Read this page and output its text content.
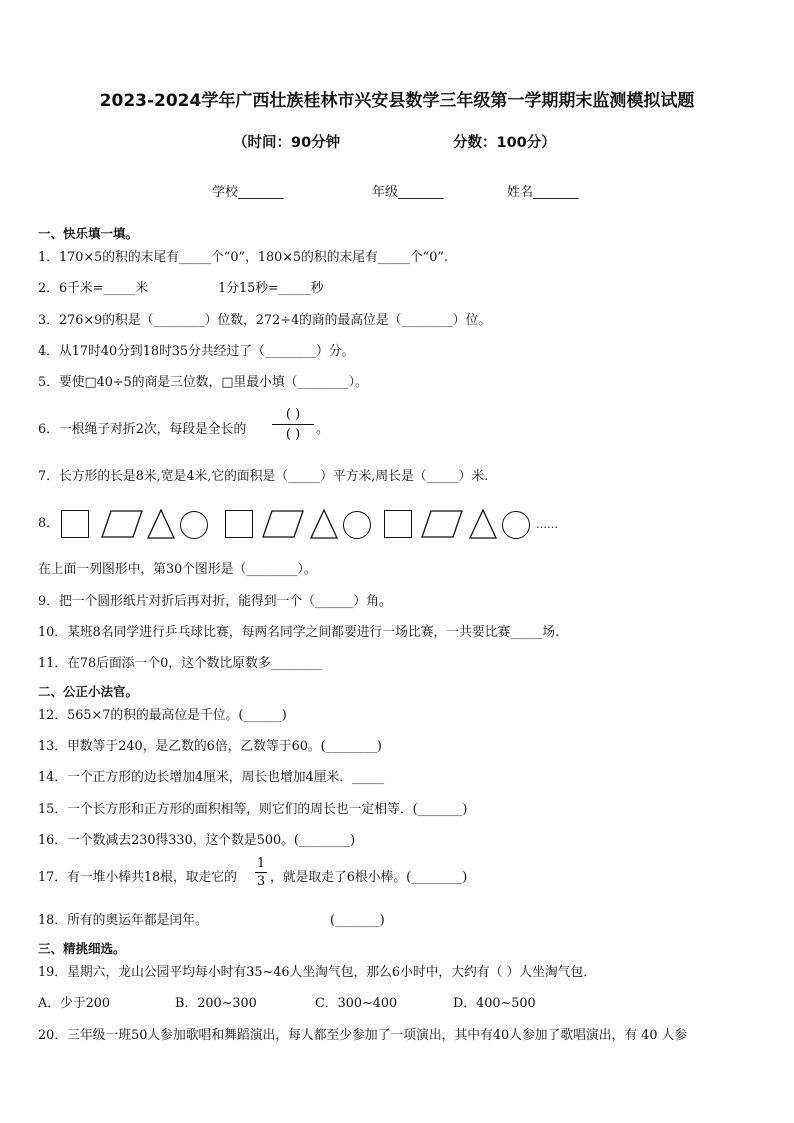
2023-2024学年广西壮族桂林市兴安县数学三年级第一学期期末监测模拟试题
（时间：90分钟	分数：100分）
学校_______	年级_______	姓名_______
一、快乐填一填。
1．170×5的积的末尾有_____个“0”，180×5的积的末尾有_____个“0”.
2．6千米=_____米	1分15秒=_____秒
3．276×9的积是（________）位数，272÷4的商的最高位是（________）位。
4．从17时40分到18时35分共经过了（________）分。
5．要使□40÷5的商是三位数，□里最小填（________）。
6．一根绳子对折2次，每段是全长的
( )
( )	。
7．长方形的长是8米,宽是4米,它的面积是（_____）平方米,周长是（_____）米.
8．	……
在上面一列图形中，第30个图形是（________）。
9．把一个圆形纸片对折后再对折，能得到一个（______）角。
10．某班8名同学进行乒乓球比赛，每两名同学之间都要进行一场比赛，一共要比赛_____场.
11．在78后面添一个0，这个数比原数多________
二、公正小法官。
12．565×7的积的最高位是千位。(______)
13．甲数等于240，是乙数的6倍，乙数等于60。(________)
14．一个正方形的边长增加4厘米，周长也增加4厘米．_____
15．一个长方形和正方形的面积相等，则它们的周长也一定相等．(_______)
16．一个数减去230得330，这个数是500。(________)
17．有一堆小棒共18根，取走它的
1
3 ，就是取走了6根小棒。(________)
18．所有的奥运年都是闰年。	(_______)
三、精挑细选。
19．星期六，龙山公园平均每小时有35~46人坐淘气包，那么6小时中，大约有（ ）人坐淘气包．
A．少于200	B．200~300	C．300~400	D．400~500
20．三年级一班50人参加歌唱和舞蹈演出，每人都至少参加了一项演出，其中有40人参加了歌唱演出，有 40 人参
